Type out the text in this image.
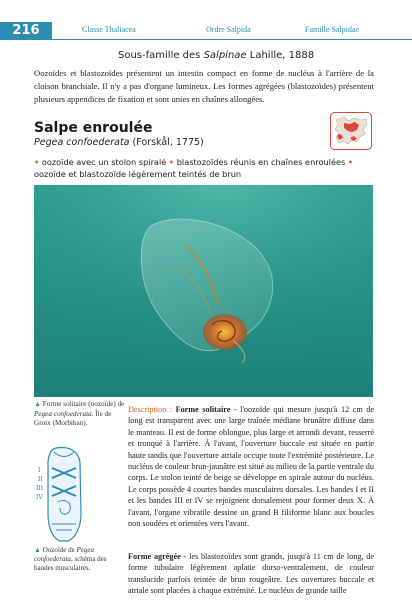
216	Classe Thaliacea	Ordre Salpida	Famille Salpidae
Sous-famille des Salpinae Lahille, 1888

Oozoïdes et blastozoïdes présentent un intestin compact en forme de nucléus à l'arrière de la cloison branchiale. Il n'y a pas d'organe lumineux. Les formes agrégées (blastozoïdes) présentent plusieurs appendices de fixation et sont unies en chaînes allongées.

Salpe enroulée
Pegea confoederata (Forskål, 1775)

• oozoïde avec un stolon spiralé • blastozoïdes réunis en chaînes enroulées • oozoïde et blastozoïde légèrement teintés de brun

▲ Forme solitaire (oozoïde) de Pegea confoederata. Île de Groix (Morbihan).

I
II
III
IV

▲ Oozoïde de Pegea confoederata, schéma des bandes musculaires.

Description : Forme solitaire - l'oozoïde qui mesure jusqu'à 12 cm de long est transparent avec une large traînée médiane brunâtre diffuse dans le manteau. Il est de forme oblongue, plus large et arrondi devant, resserré et tronqué à l'arrière. À l'avant, l'ouverture buccale est située en partie haute tandis que l'ouverture atriale occupe toute l'extrémité postérieure. Le nucléus de couleur brun-jaunâtre est situé au milieu de la partie ventrale du corps. Le stolon teinté de beige se développe en spirale autour du nucléus. Le corps possède 4 courtes bandes musculaires dorsales. Les bandes I et II et les bandes III et IV se rejoignent dorsalement pour former deux X. À l'avant, l'organe vibratile dessine un grand B filiforme blanc aux boucles non soudées et orientées vers l'avant.

Forme agrégée - les blastozoïdes sont grands, jusqu'à 11 cm de long, de forme tubulaire légèrement aplatie dorso-ventralement, de couleur translucide parfois teintée de brun rougeâtre. Les ouvertures buccale et atriale sont placées à chaque extrémité. Le nucléus de grande taille
